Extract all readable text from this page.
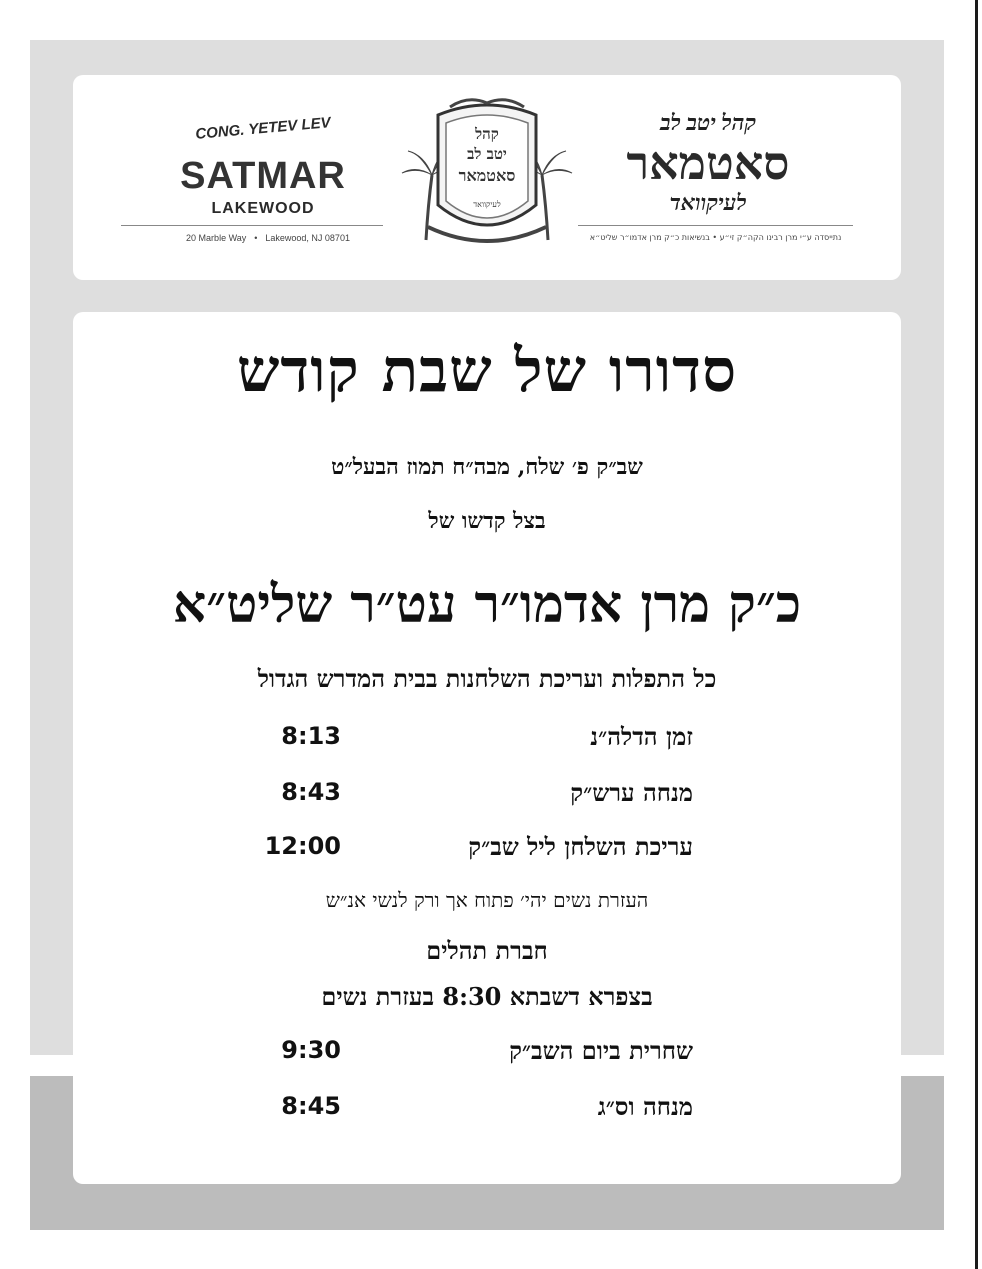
CONG. YETEV LEV
SATMAR
LAKEWOOD
20 Marble Way • Lakewood, NJ 08701
קהל
יטב לב
סאטמאר
לעיקוואד
קהל יטב לב
סאטמאר
לעיקוואד
נתייסדה ע״י מרן רבינו הקה״ק זי״ע • בנשיאות כ״ק מרן אדמו״ר שליט״א
סדורו של שבת קודש
שב״ק פ׳ שלח, מבה״ח תמוז הבעל״ט
בצל קדשו של
כ״ק מרן אדמו״ר עט״ר שליט״א
כל התפלות ועריכת השלחנות בבית המדרש הגדול
זמן הדלה״נ
8:13
מנחה ערש״ק
8:43
עריכת השלחן ליל שב״ק
12:00
העזרת נשים יהי׳ פתוח אך ורק לנשי אנ״ש
חברת תהלים
בצפרא דשבתא 8:30 בעזרת נשים
שחרית ביום השב״ק
9:30
מנחה וס״ג
8:45
